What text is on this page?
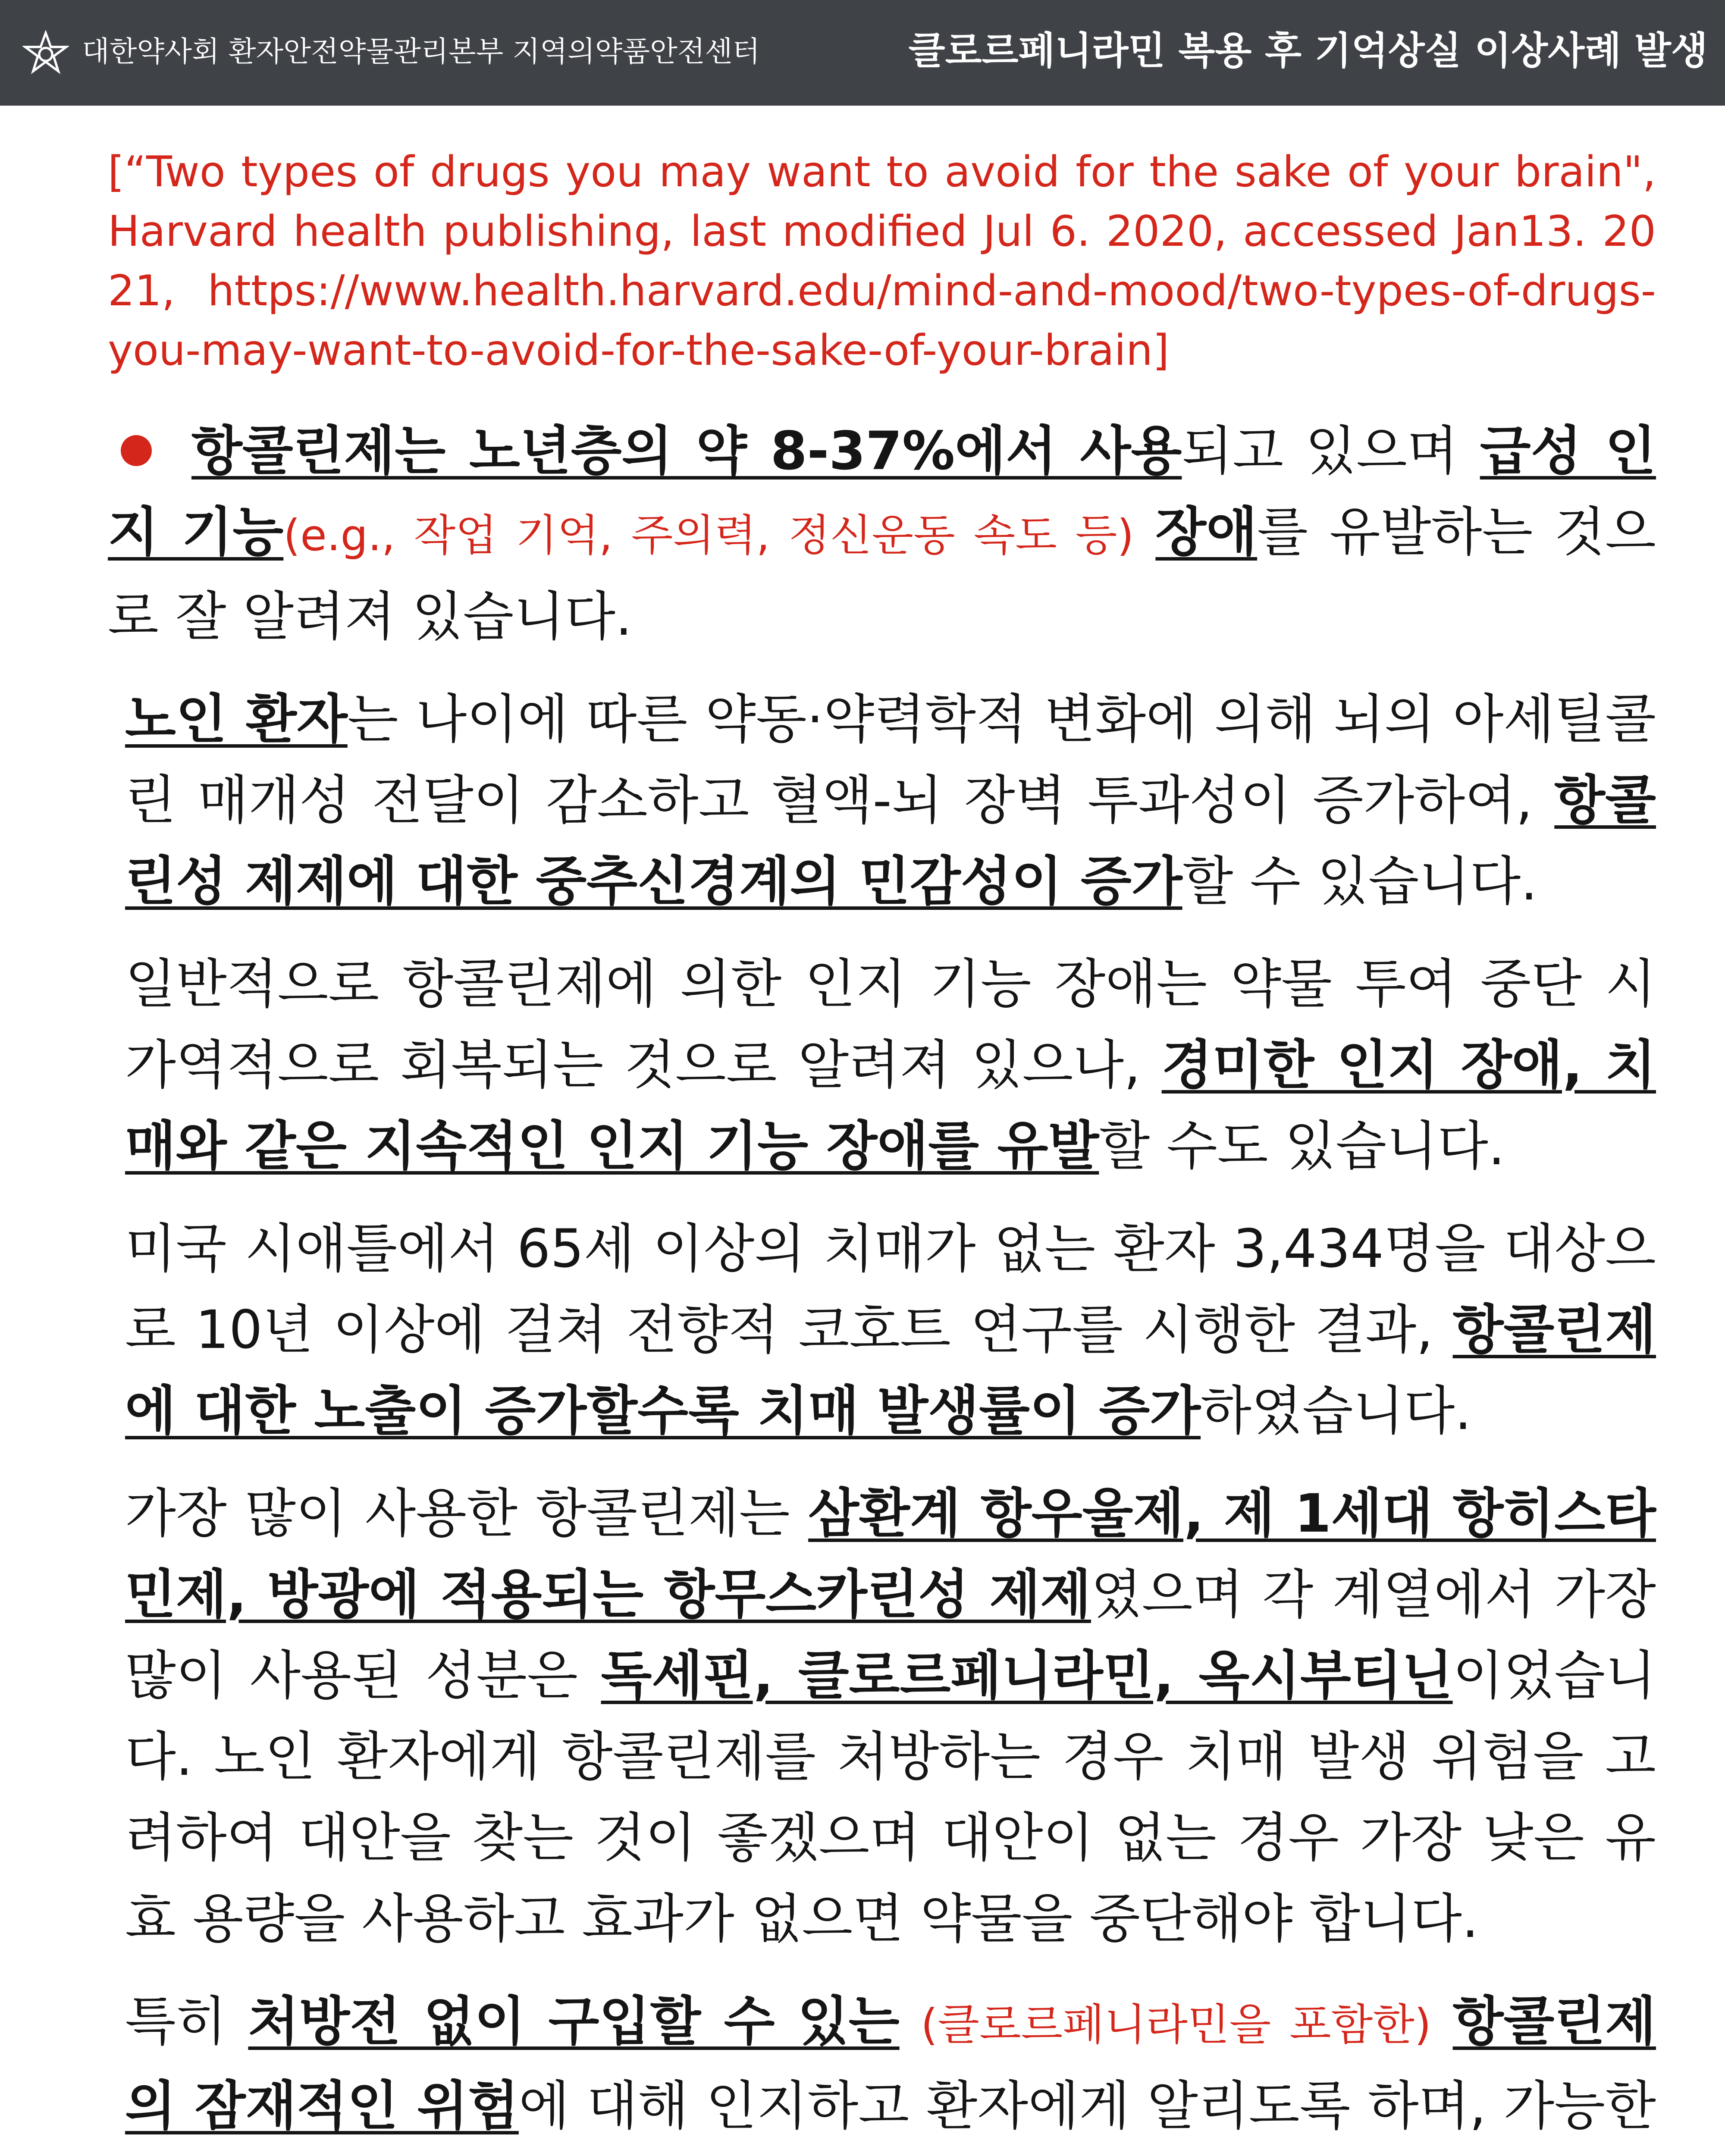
대한약사회 환자안전약물관리본부 지역의약품안전센터	클로르페니라민 복용 후 기억상실 이상사례 발생

[“Two types of drugs you may want to avoid for the sake of your brain", Harvard health publishing, last modified Jul 6. 2020, accessed Jan13. 2021, https://www.health.harvard.edu/mind-and-mood/two-types-of-drugs-you-may-want-to-avoid-for-the-sake-of-your-brain]

항콜린제는 노년층의 약 8-37%에서 사용되고 있으며 급성 인지 기능(e.g., 작업 기억, 주의력, 정신운동 속도 등) 장애를 유발하는 것으로 잘 알려져 있습니다.

노인 환자는 나이에 따른 약동·약력학적 변화에 의해 뇌의 아세틸콜린 매개성 전달이 감소하고 혈액-뇌 장벽 투과성이 증가하여, 항콜린성 제제에 대한 중추신경계의 민감성이 증가할 수 있습니다.

일반적으로 항콜린제에 의한 인지 기능 장애는 약물 투여 중단 시 가역적으로 회복되는 것으로 알려져 있으나, 경미한 인지 장애, 치매와 같은 지속적인 인지 기능 장애를 유발할 수도 있습니다.

미국 시애틀에서 65세 이상의 치매가 없는 환자 3,434명을 대상으로 10년 이상에 걸쳐 전향적 코호트 연구를 시행한 결과, 항콜린제에 대한 노출이 증가할수록 치매 발생률이 증가하였습니다.

가장 많이 사용한 항콜린제는 삼환계 항우울제, 제 1세대 항히스타민제, 방광에 적용되는 항무스카린성 제제였으며 각 계열에서 가장 많이 사용된 성분은 독세핀, 클로르페니라민, 옥시부티닌이었습니다. 노인 환자에게 항콜린제를 처방하는 경우 치매 발생 위험을 고려하여 대안을 찾는 것이 좋겠으며 대안이 없는 경우 가장 낮은 유효 용량을 사용하고 효과가 없으면 약물을 중단해야 합니다.

특히 처방전 없이 구입할 수 있는 (클로르페니라민을 포함한) 항콜린제의 잠재적인 위험에 대해 인지하고 환자에게 알리도록 하며, 가능한
